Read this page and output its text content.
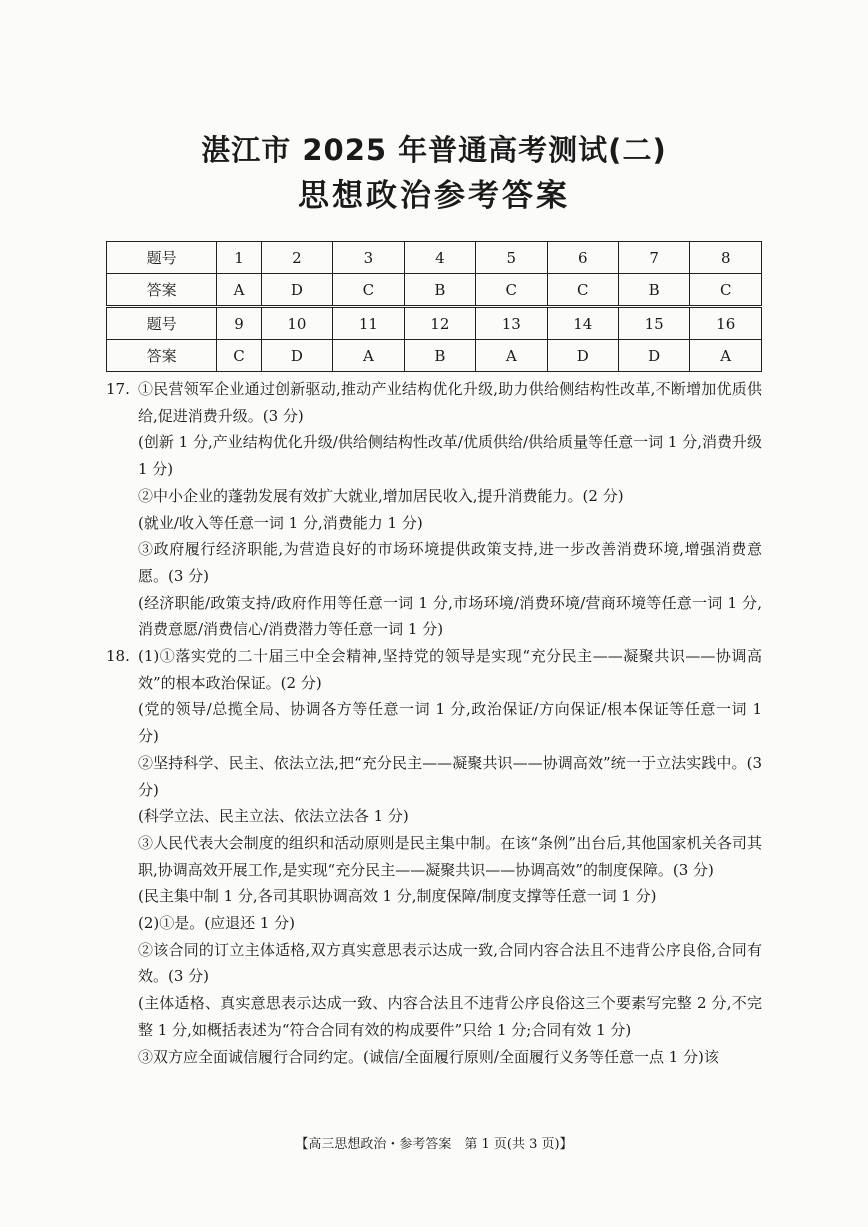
湛江市 2025 年普通高考测试(二)
思想政治参考答案
题号	1	2	3	4	5	6	7	8
答案	A	D	C	B	C	C	B	C
题号	9	10	11	12	13	14	15	16
答案	C	D	A	B	A	D	D	A
17. ①民营领军企业通过创新驱动,推动产业结构优化升级,助力供给侧结构性改革,不断增加优质供给,促进消费升级。(3 分)

(创新 1 分,产业结构优化升级/供给侧结构性改革/优质供给/供给质量等任意一词 1 分,消费升级 1 分)

②中小企业的蓬勃发展有效扩大就业,增加居民收入,提升消费能力。(2 分)

(就业/收入等任意一词 1 分,消费能力 1 分)

③政府履行经济职能,为营造良好的市场环境提供政策支持,进一步改善消费环境,增强消费意愿。(3 分)

(经济职能/政策支持/政府作用等任意一词 1 分,市场环境/消费环境/营商环境等任意一词 1 分,消费意愿/消费信心/消费潜力等任意一词 1 分)

18. (1)①落实党的二十届三中全会精神,坚持党的领导是实现“充分民主——凝聚共识——协调高效”的根本政治保证。(2 分)

(党的领导/总揽全局、协调各方等任意一词 1 分,政治保证/方向保证/根本保证等任意一词 1 分)

②坚持科学、民主、依法立法,把“充分民主——凝聚共识——协调高效”统一于立法实践中。(3 分)

(科学立法、民主立法、依法立法各 1 分)

③人民代表大会制度的组织和活动原则是民主集中制。在该“条例”出台后,其他国家机关各司其职,协调高效开展工作,是实现“充分民主——凝聚共识——协调高效”的制度保障。(3 分)

(民主集中制 1 分,各司其职协调高效 1 分,制度保障/制度支撑等任意一词 1 分)

(2)①是。(应退还 1 分)

②该合同的订立主体适格,双方真实意思表示达成一致,合同内容合法且不违背公序良俗,合同有效。(3 分)

(主体适格、真实意思表示达成一致、内容合法且不违背公序良俗这三个要素写完整 2 分,不完整 1 分,如概括表述为“符合合同有效的构成要件”只给 1 分;合同有效 1 分)

③双方应全面诚信履行合同约定。(诚信/全面履行原则/全面履行义务等任意一点 1 分)该

【高三思想政治・参考答案　第 1 页(共 3 页)】
